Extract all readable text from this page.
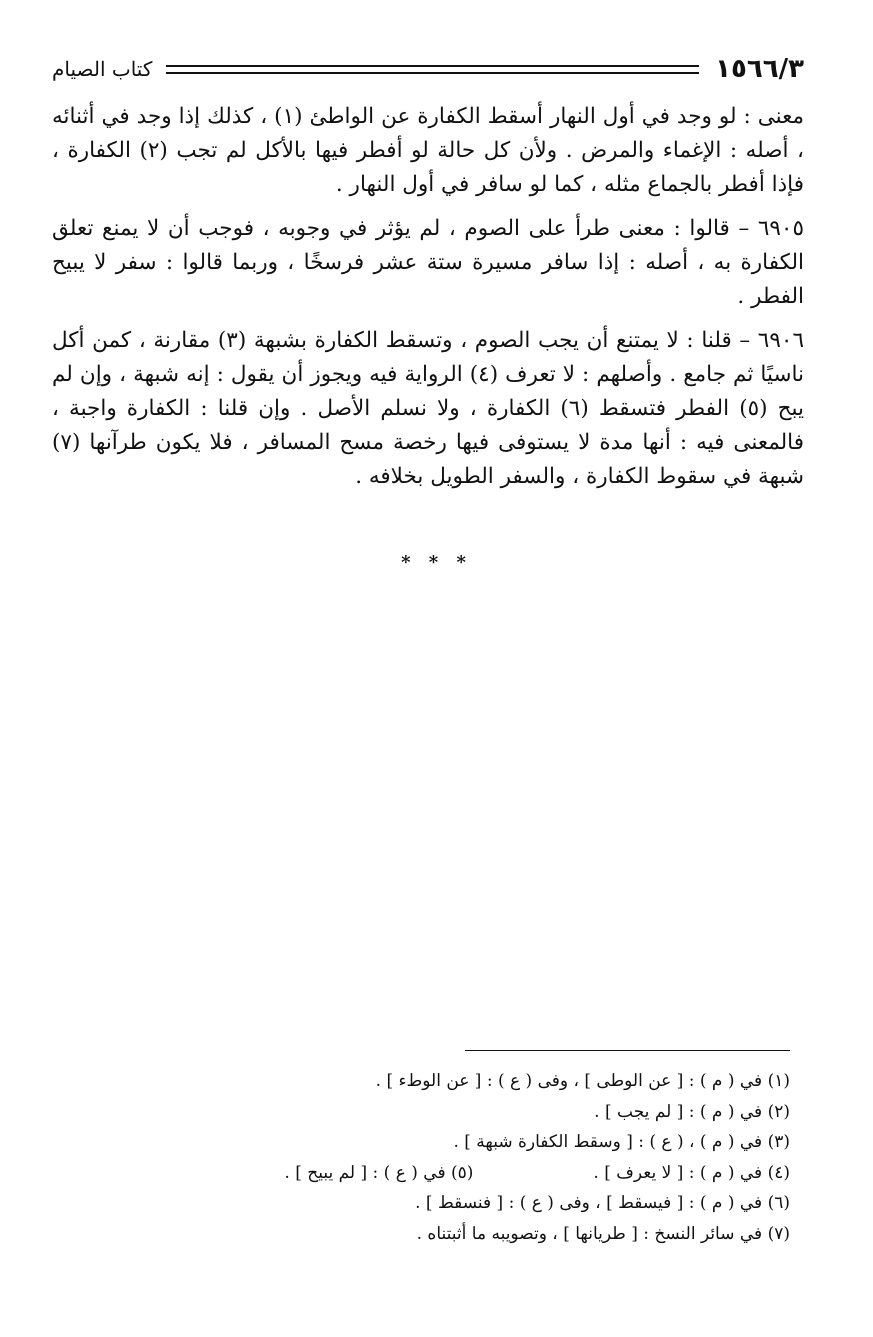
١٥٦٦/٣
كتاب الصيام

معنى : لو وجد في أول النهار أسقط الكفارة عن الواطئ (١) ، كذلك إذا وجد في أثنائه ، أصله : الإغماء والمرض . ولأن كل حالة لو أفطر فيها بالأكل لم تجب (٢) الكفارة ، فإذا أفطر بالجماع مثله ، كما لو سافر في أول النهار .

٦٩٠٥ – قالوا : معنى طرأ على الصوم ، لم يؤثر في وجوبه ، فوجب أن لا يمنع تعلق الكفارة به ، أصله : إذا سافر مسيرة ستة عشر فرسخًا ، وربما قالوا : سفر لا يبيح الفطر .

٦٩٠٦ – قلنا : لا يمتنع أن يجب الصوم ، وتسقط الكفارة بشبهة (٣) مقارنة ، كمن أكل ناسيًا ثم جامع . وأصلهم : لا تعرف (٤) الرواية فيه ويجوز أن يقول : إنه شبهة ، وإن لم يبح (٥) الفطر فتسقط (٦) الكفارة ، ولا نسلم الأصل . وإن قلنا : الكفارة واجبة ، فالمعنى فيه : أنها مدة لا يستوفى فيها رخصة مسح المسافر ، فلا يكون طرآنها (٧) شبهة في سقوط الكفارة ، والسفر الطويل بخلافه .

* * *
(١) في ( م ) : [ عن الوطى ] ، وفى ( ع ) : [ عن الوطء ] .
(٢) في ( م ) : [ لم يجب ] .
(٣) في ( م ) ، ( ع ) : [ وسقط الكفارة شبهة ] .
(٤) في ( م ) : [ لا يعرف ] .
(٥) في ( ع ) : [ لم يبيح ] .
(٦) في ( م ) : [ فيسقط ] ، وفى ( ع ) : [ فنسقط ] .
(٧) في سائر النسخ : [ طريانها ] ، وتصويبه ما أثبتناه .
